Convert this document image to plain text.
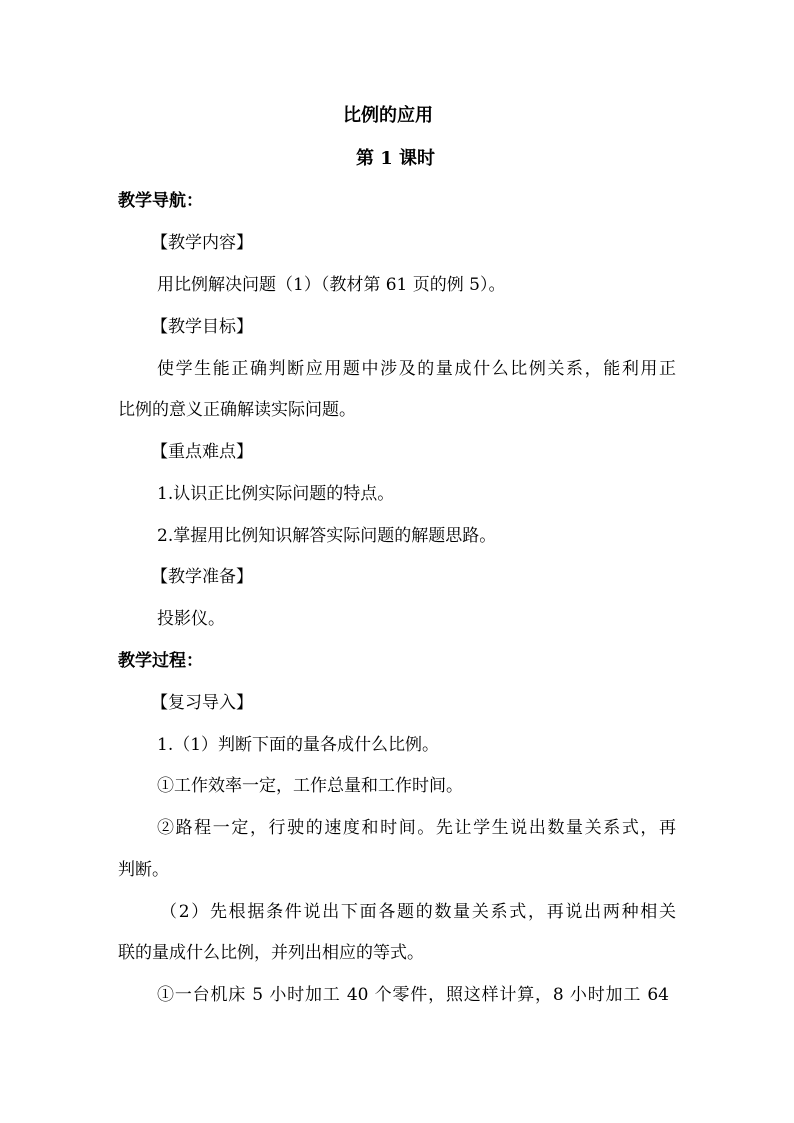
比例的应用
第 1 课时
教学导航：
【教学内容】
用比例解决问题（1）（教材第 61 页的例 5）。
【教学目标】
使学生能正确判断应用题中涉及的量成什么比例关系，能利用正
比例的意义正确解读实际问题。
【重点难点】
1.认识正比例实际问题的特点。
2.掌握用比例知识解答实际问题的解题思路。
【教学准备】
投影仪。
教学过程：
【复习导入】
1.（1）判断下面的量各成什么比例。
①工作效率一定，工作总量和工作时间。
②路程一定，行驶的速度和时间。先让学生说出数量关系式，再
判断。
（2）先根据条件说出下面各题的数量关系式，再说出两种相关
联的量成什么比例，并列出相应的等式。
①一台机床 5 小时加工 40 个零件，照这样计算，8 小时加工 64
